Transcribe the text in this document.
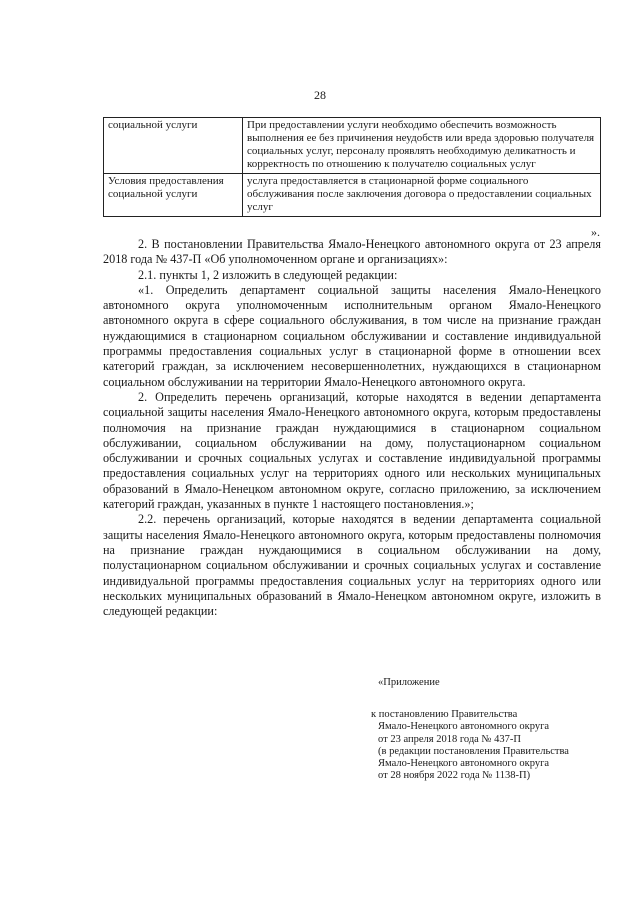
28
социальной услуги	При предоставлении услуги необходимо обеспечить возможность выполнения ее без причинения неудобств или вреда здоровью получателя социальных услуг, персоналу проявлять необходимую деликатность и корректность по отношению к получателю социальных услуг
Условия предоставления социальной услуги	услуга предоставляется в стационарной форме социального обслуживания после заключения договора о предоставлении социальных услуг
».

2. В постановлении Правительства Ямало-Ненецкого автономного округа от 23 апреля 2018 года № 437-П «Об уполномоченном органе и организациях»:

2.1. пункты 1, 2 изложить в следующей редакции:

«1. Определить департамент социальной защиты населения Ямало-Ненецкого автономного округа уполномоченным исполнительным органом Ямало-Ненецкого автономного округа в сфере социального обслуживания, в том числе на признание граждан нуждающимися в стационарном социальном обслуживании и составление индивидуальной программы предоставления социальных услуг в стационарной форме в отношении всех категорий граждан, за исключением несовершеннолетних, нуждающихся в стационарном социальном обслуживании на территории Ямало-Ненецкого автономного округа.

2. Определить перечень организаций, которые находятся в ведении департамента социальной защиты населения Ямало-Ненецкого автономного округа, которым предоставлены полномочия на признание граждан нуждающимися в стационарном социальном обслуживании, социальном обслуживании на дому, полустационарном социальном обслуживании и срочных социальных услугах и составление индивидуальной программы предоставления социальных услуг на территориях одного или нескольких муниципальных образований в Ямало-Ненецком автономном округе, согласно приложению, за исключением категорий граждан, указанных в пункте 1 настоящего постановления.»;

2.2. перечень организаций, которые находятся в ведении департамента социальной защиты населения Ямало-Ненецкого автономного округа, которым предоставлены полномочия на признание граждан нуждающимися в социальном обслуживании на дому, полустационарном социальном обслуживании и срочных социальных услугах и составление индивидуальной программы предоставления социальных услуг на территориях одного или нескольких муниципальных образований в Ямало-Ненецком автономном округе, изложить в следующей редакции:

«Приложение
к постановлению Правительства
Ямало-Ненецкого автономного округа
от 23 апреля 2018 года № 437-П
(в редакции постановления Правительства
Ямало-Ненецкого автономного округа
от 28 ноября 2022 года № 1138-П)
